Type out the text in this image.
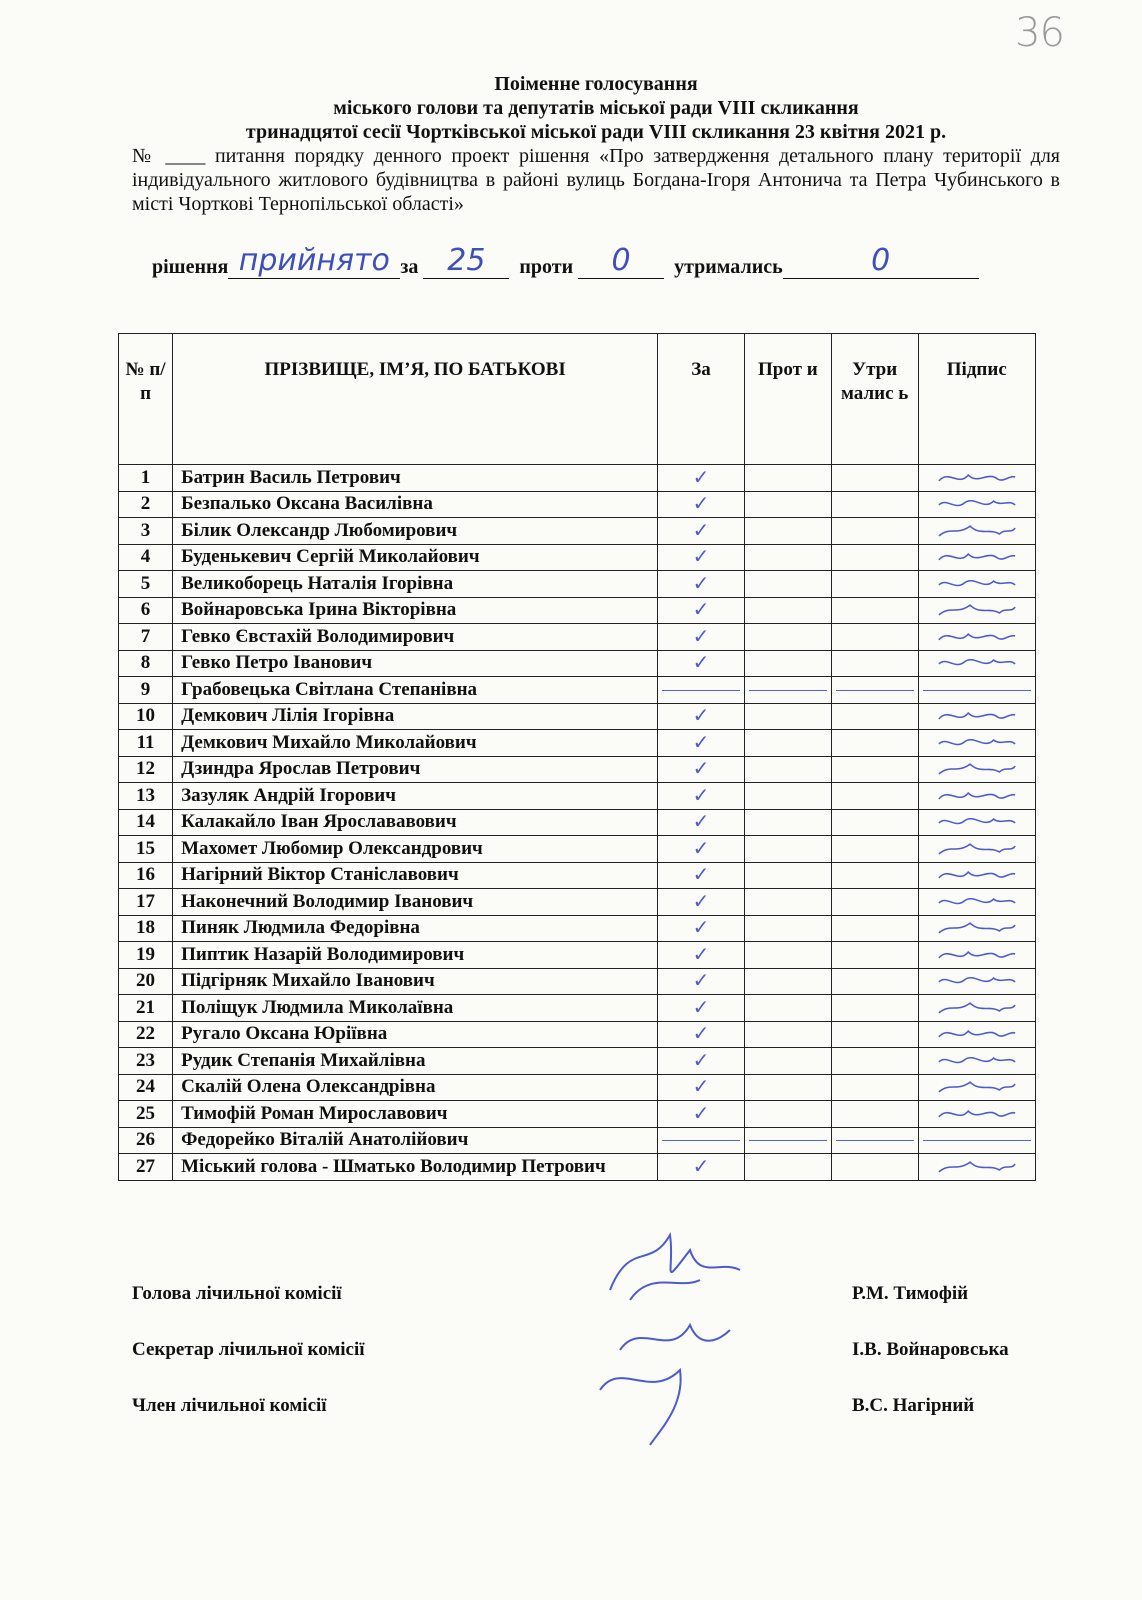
36
Поіменне голосування
міського голови та депутатів міської ради VIII скликання
тринадцятої сесії Чортківської міської ради VIII скликання 23 квітня 2021 р.
№ ____ питання порядку денного проект рішення «Про затвердження детального плану території для індивідуального житлового будівництва в районі вулиць Богдана-Ігоря Антонича та Петра Чубинського в місті Чорткові Тернопільської області»
рішення прийнято за 25	проти	0	утримались	0
№ п/п	ПРІЗВИЩЕ, ІМ’Я, ПО БАТЬКОВІ	За	Прот и	Утри малис ь	Підпис
1	Батрин Василь Петрович	✓			

2	Безпалько Оксана Василівна	✓			

3	Білик Олександр Любомирович	✓			

4	Буденькевич Сергій Миколайович	✓			

5	Великоборець Наталія Ігорівна	✓			

6	Войнаровська Ірина Вікторівна	✓			

7	Гевко Євстахій Володимирович	✓			

8	Гевко Петро Іванович	✓			

9	Грабовецька Світлана Степанівна	

10	Демкович Лілія Ігорівна	✓			

11	Демкович Михайло Миколайович	✓			

12	Дзиндра Ярослав Петрович	✓			

13	Зазуляк Андрій Ігорович	✓			

14	Калакайло Іван Ярослававович	✓			

15	Махомет Любомир Олександрович	✓			

16	Нагірний Віктор Станіславович	✓			

17	Наконечний Володимир Іванович	✓			

18	Пиняк Людмила Федорівна	✓			

19	Пиптик Назарій Володимирович	✓			

20	Підгірняк Михайло Іванович	✓			

21	Поліщук Людмила Миколаївна	✓			

22	Ругало Оксана Юріївна	✓			

23	Рудик Степанія Михайлівна	✓			

24	Скалій Олена Олександрівна	✓			

25	Тимофій Роман Мирославович	✓			

26	Федорейко Віталій Анатолійович	

27	Міський голова - Шматько Володимир Петрович	✓			
Голова лічильної комісії	Р.М. Тимофій
Секретар лічильної комісії	І.В. Войнаровська
Член лічильної комісії	В.С. Нагірний
